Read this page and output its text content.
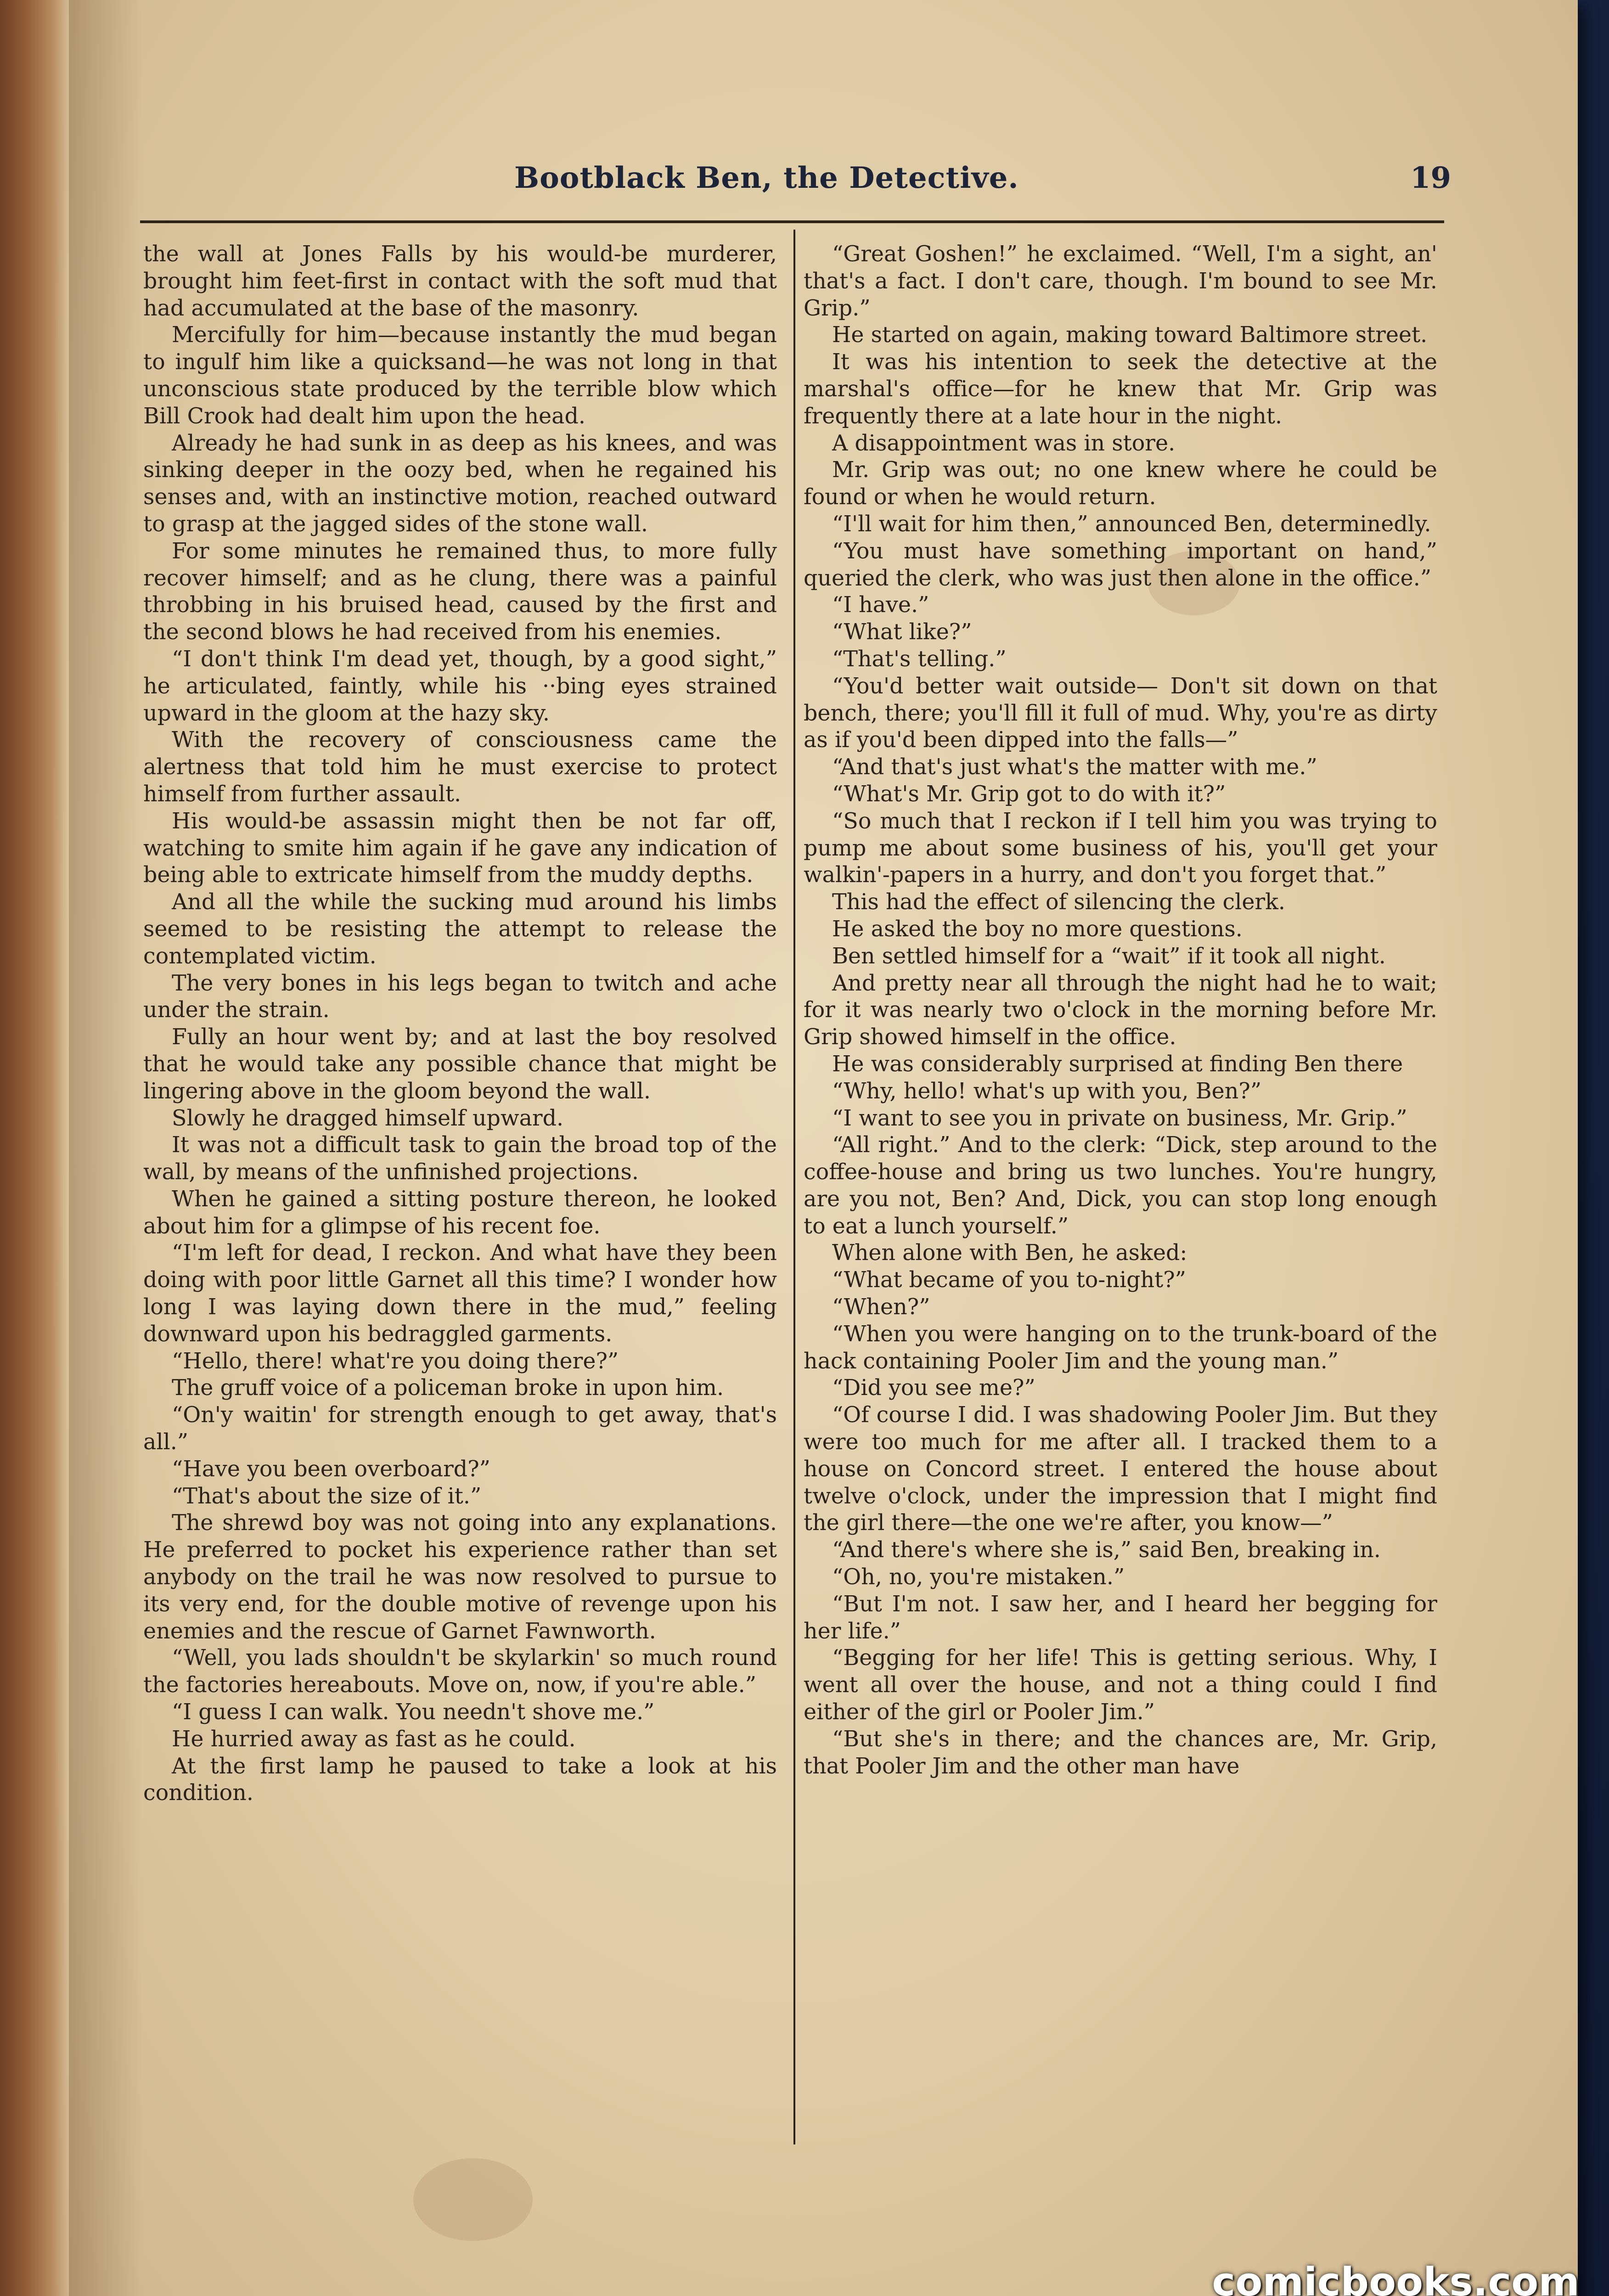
Bootblack Ben, the Detective.	19

the wall at Jones Falls by his would-be murderer, brought him feet-first in contact with the soft mud that had accumulated at the base of the masonry.

Mercifully for him—because instantly the mud began to ingulf him like a quicksand—he was not long in that unconscious state produced by the terrible blow which Bill Crook had dealt him upon the head.

Already he had sunk in as deep as his knees, and was sinking deeper in the oozy bed, when he regained his senses and, with an instinctive motion, reached outward to grasp at the jagged sides of the stone wall.

For some minutes he remained thus, to more fully recover himself; and as he clung, there was a painful throbbing in his bruised head, caused by the first and the second blows he had received from his enemies.

“I don't think I'm dead yet, though, by a good sight,” he articulated, faintly, while his ··bing eyes strained upward in the gloom at the hazy sky.

With the recovery of consciousness came the alertness that told him he must exercise to protect himself from further assault.

His would-be assassin might then be not far off, watching to smite him again if he gave any indication of being able to extricate himself from the muddy depths.

And all the while the sucking mud around his limbs seemed to be resisting the attempt to release the contemplated victim.

The very bones in his legs began to twitch and ache under the strain.

Fully an hour went by; and at last the boy resolved that he would take any possible chance that might be lingering above in the gloom beyond the wall.

Slowly he dragged himself upward.

It was not a difficult task to gain the broad top of the wall, by means of the unfinished projections.

When he gained a sitting posture thereon, he looked about him for a glimpse of his recent foe.

“I'm left for dead, I reckon. And what have they been doing with poor little Garnet all this time? I wonder how long I was laying down there in the mud,” feeling downward upon his bedraggled garments.

“Hello, there! what're you doing there?”

The gruff voice of a policeman broke in upon him.

“On'y waitin' for strength enough to get away, that's all.”

“Have you been overboard?”

“That's about the size of it.”

The shrewd boy was not going into any explanations. He preferred to pocket his experience rather than set anybody on the trail he was now resolved to pursue to its very end, for the double motive of revenge upon his enemies and the rescue of Garnet Fawnworth.

“Well, you lads shouldn't be skylarkin' so much round the factories hereabouts. Move on, now, if you're able.”

“I guess I can walk. You needn't shove me.”

He hurried away as fast as he could.

At the first lamp he paused to take a look at his condition.

“Great Goshen!” he exclaimed. “Well, I'm a sight, an' that's a fact. I don't care, though. I'm bound to see Mr. Grip.”

He started on again, making toward Baltimore street.

It was his intention to seek the detective at the marshal's office—for he knew that Mr. Grip was frequently there at a late hour in the night.

A disappointment was in store.

Mr. Grip was out; no one knew where he could be found or when he would return.

“I'll wait for him then,” announced Ben, determinedly.

“You must have something important on hand,” queried the clerk, who was just then alone in the office.”

“I have.”

“What like?”

“That's telling.”

“You'd better wait outside— Don't sit down on that bench, there; you'll fill it full of mud. Why, you're as dirty as if you'd been dipped into the falls—”

“And that's just what's the matter with me.”

“What's Mr. Grip got to do with it?”

“So much that I reckon if I tell him you was trying to pump me about some business of his, you'll get your walkin'-papers in a hurry, and don't you forget that.”

This had the effect of silencing the clerk.

He asked the boy no more questions.

Ben settled himself for a “wait” if it took all night.

And pretty near all through the night had he to wait; for it was nearly two o'clock in the morning before Mr. Grip showed himself in the office.

He was considerably surprised at finding Ben there

“Why, hello! what's up with you, Ben?”

“I want to see you in private on business, Mr. Grip.”

“All right.” And to the clerk: “Dick, step around to the coffee-house and bring us two lunches. You're hungry, are you not, Ben? And, Dick, you can stop long enough to eat a lunch yourself.”

When alone with Ben, he asked:

“What became of you to-night?”

“When?”

“When you were hanging on to the trunk-board of the hack containing Pooler Jim and the young man.”

“Did you see me?”

“Of course I did. I was shadowing Pooler Jim. But they were too much for me after all. I tracked them to a house on Concord street. I entered the house about twelve o'clock, under the impression that I might find the girl there—the one we're after, you know—”

“And there's where she is,” said Ben, breaking in.

“Oh, no, you're mistaken.”

“But I'm not. I saw her, and I heard her begging for her life.”

“Begging for her life! This is getting serious. Why, I went all over the house, and not a thing could I find either of the girl or Pooler Jim.”

“But she's in there; and the chances are, Mr. Grip, that Pooler Jim and the other man have

comicbooks.com
